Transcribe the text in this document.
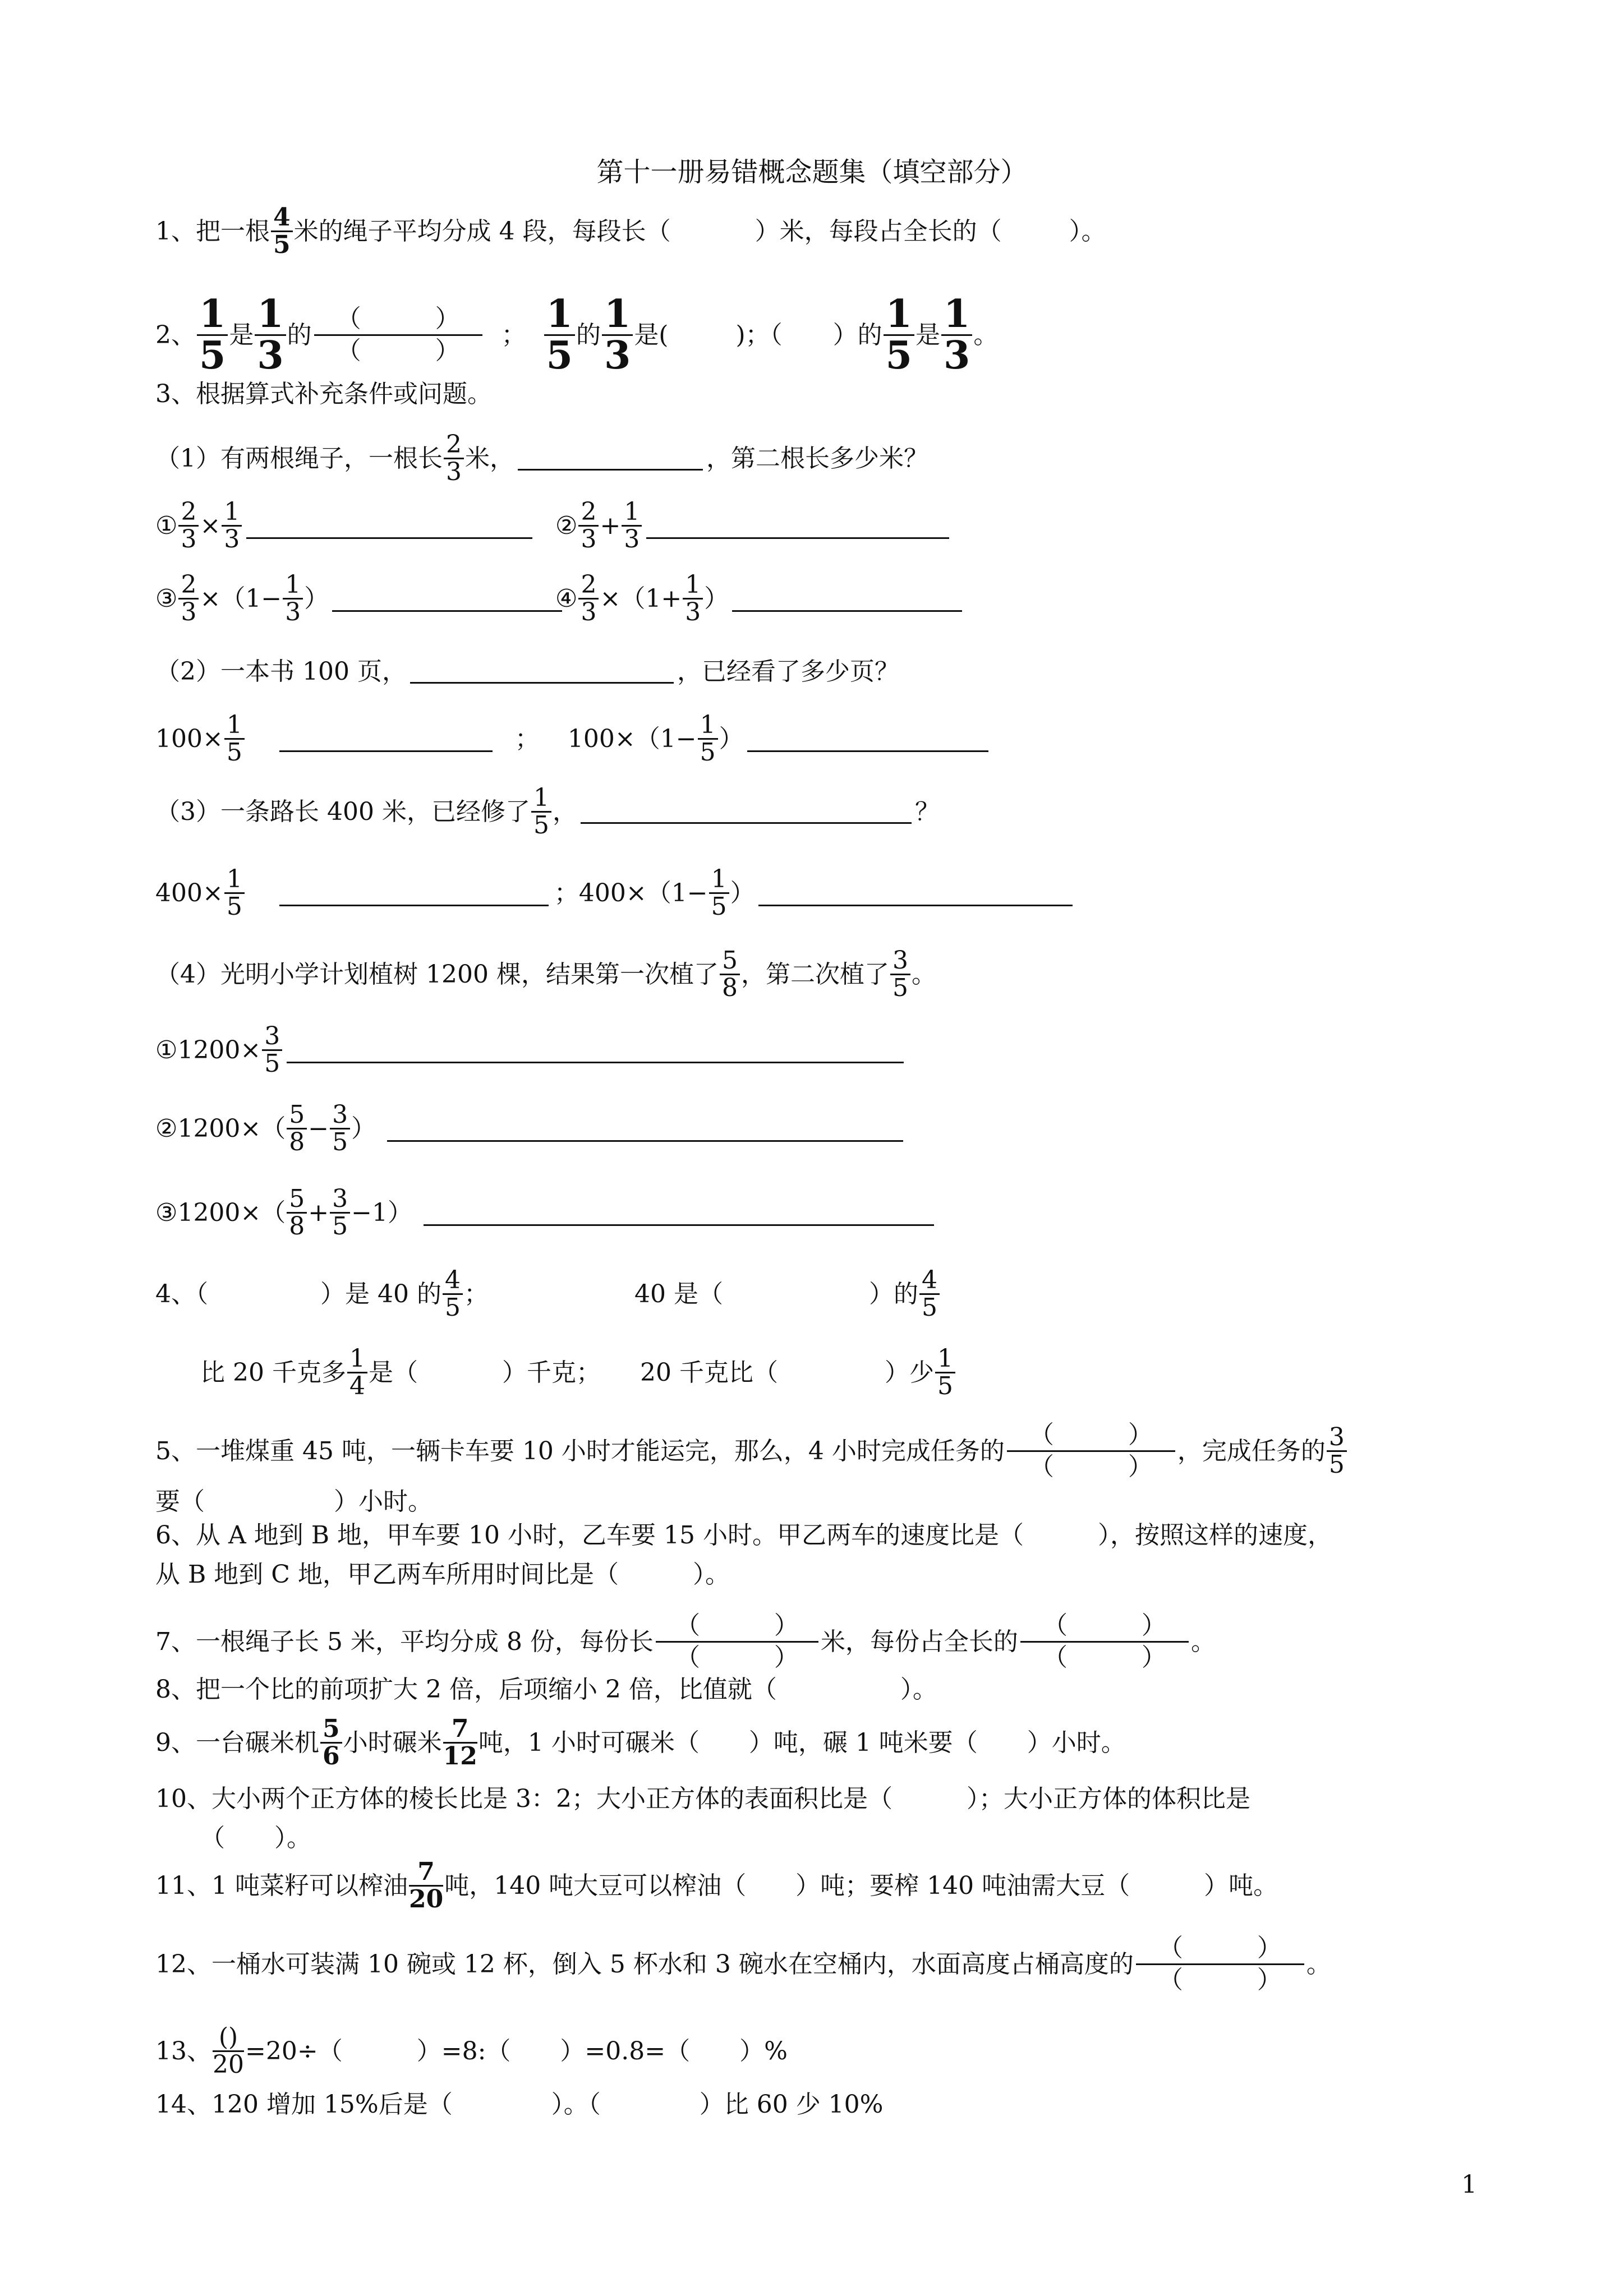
第十一册易错概念题集（填空部分）
1、把一根 $\frac{4}{5}$ 米的绳子平均分成 4 段，每段长（	）米，每段占全长的（	）。
2、 $\frac{1}{5}$ 是 $\frac{1}{3}$ 的
（　　　）
（　　　）
； $\frac{1}{5}$ 的 $\frac{1}{3}$ 是(	)；（ ）的 $\frac{1}{5}$ 是 $\frac{1}{3}$ 。
3、根据算式补充条件或问题。
（1）有两根绳子，一根长 $\frac{2}{3}$ 米，	，第二根长多少米？
① $\frac{2}{3} \times \frac{1}{3}$	② $\frac{2}{3} + \frac{1}{3}$
③ $\frac{2}{3} \times(1- \frac{1}{3}$ ）	④ $\frac{2}{3} \times(1+ \frac{1}{3}$ ）
（2）一本书 100 页，	，已经看了多少页？
$100\times \frac{1}{5}$	； $100\times(1- \frac{1}{5}$ ）
（3）一条路长 400 米，已经修了 $\frac{1}{5}$ ，	？
$400\times \frac{1}{5}$	；$400\times(1- \frac{1}{5}$ ）
（4）光明小学计划植树 1200 棵，结果第一次植了 $\frac{5}{8}$ ，第二次植了 $\frac{3}{5}$ 。
①1200× $\frac{3}{5}$
②1200×（ $\frac{5}{8} - \frac{3}{5}$ ）
③1200×（ $\frac{5}{8} + \frac{3}{5} -1$）
4、（	）是 40 的 $\frac{4}{5}$ ；	40 是（	）的 $\frac{4}{5}$
比 20 千克多 $\frac{1}{4}$ 是（	）千克； 20 千克比（	）少 $\frac{1}{5}$
5、一堆煤重 45 吨，一辆卡车要 10 小时才能运完，那么，4 小时完成任务的
（　　　）
（　　　）
，完成任务的 $\frac{3}{5}$
要（	）小时。
6、从 A 地到 B 地，甲车要 10 小时，乙车要 15 小时。甲乙两车的速度比是（　　　），按照这样的速度，
从 B 地到 C 地，甲乙两车所用时间比是（　　　）。
7、一根绳子长 5 米，平均分成 8 份，每份长
（　　　）
（　　　）
米，每份占全长的
（　　　）
（　　　）
。
8、把一个比的前项扩大 2 倍，后项缩小 2 倍，比值就（　　　　　）。
9、一台碾米机 $\frac{5}{6}$ 小时碾米 $\frac{7}{12}$ 吨，1 小时可碾米（　　）吨，碾 1 吨米要（　　）小时。
10、大小两个正方体的棱长比是 3：2；大小正方体的表面积比是（　　　）；大小正方体的体积比是
（　　）。
11、1 吨菜籽可以榨油 $\frac{7}{20}$ 吨，140 吨大豆可以榨油（　　）吨；要榨 140 吨油需大豆（　　　）吨。
12、一桶水可装满 10 碗或 12 杯，倒入 5 杯水和 3 碗水在空桶内，水面高度占桶高度的
（　　　）
（　　　）
。
13、 ()
20 =20÷（　　　）=8:（　　）=0.8=（　　）%
14、120 增加 15%后是（　　　　）。（　　　　）比 60 少 10%
1
